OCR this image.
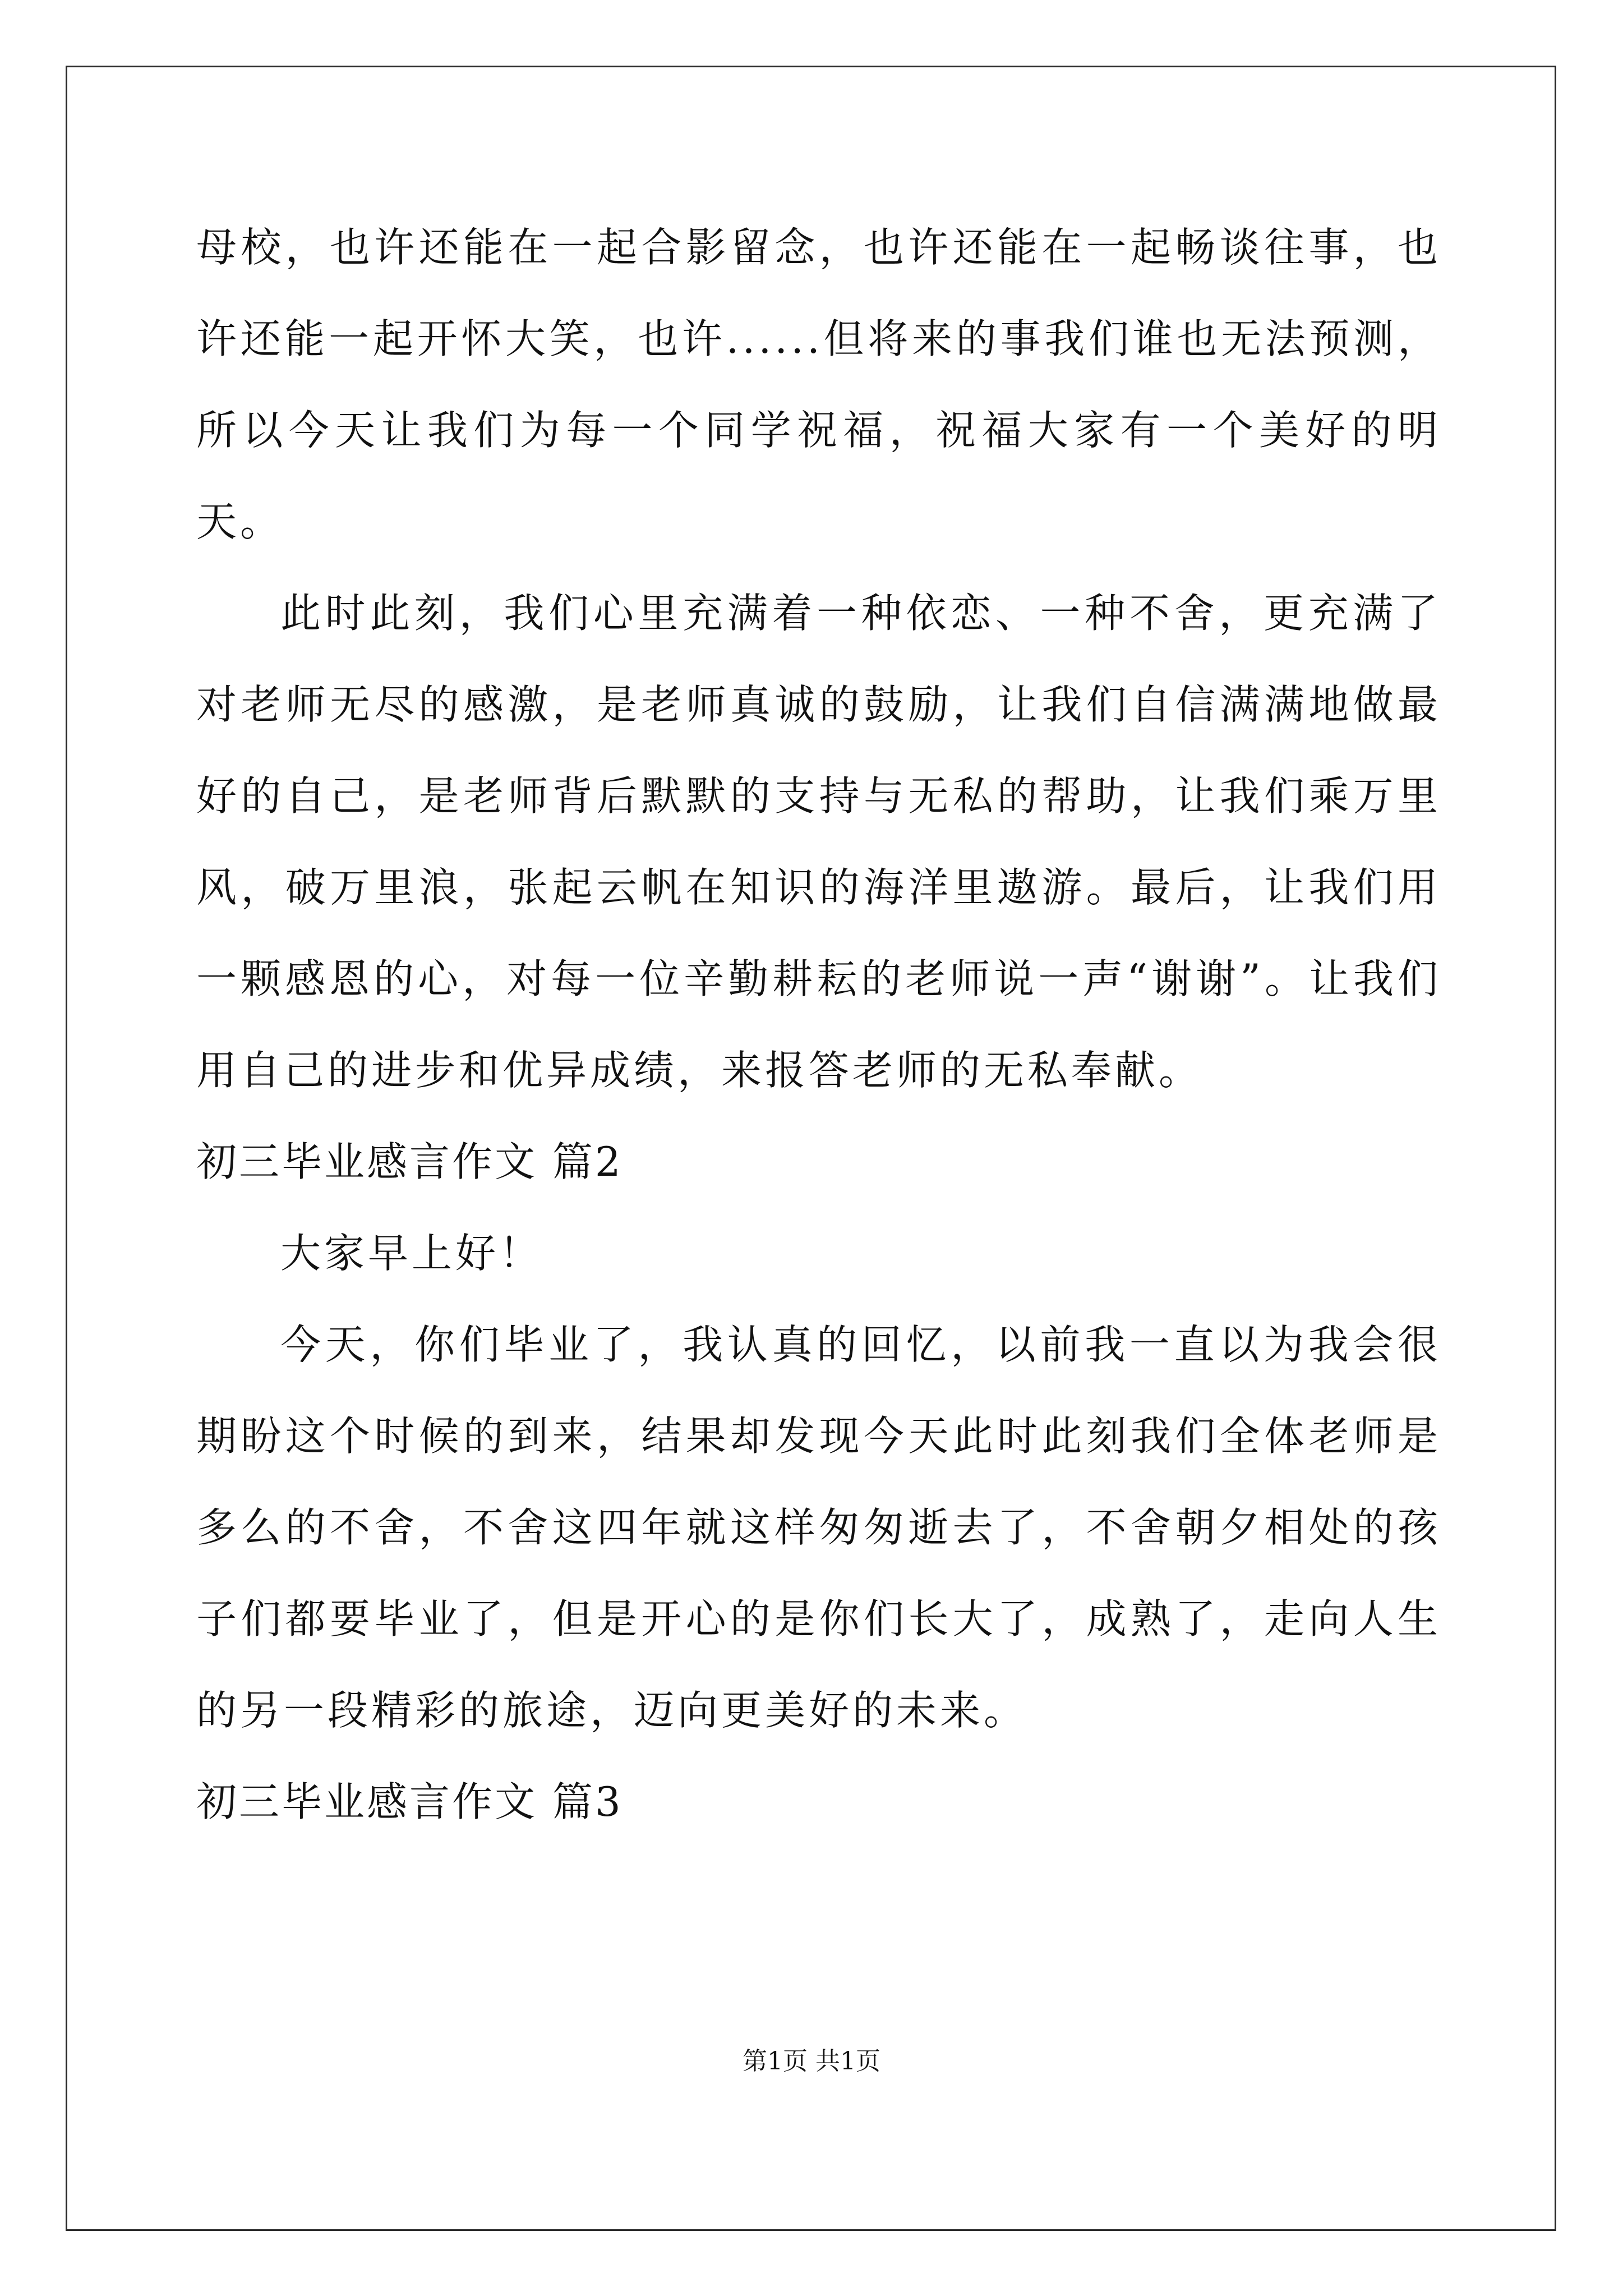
母校，也许还能在一起合影留念，也许还能在一起畅谈往事，也许还能一起开怀大笑，也许......但将来的事我们谁也无法预测，所以今天让我们为每一个同学祝福，祝福大家有一个美好的明天。

此时此刻，我们心里充满着一种依恋、一种不舍，更充满了对老师无尽的感激，是老师真诚的鼓励，让我们自信满满地做最好的自己，是老师背后默默的支持与无私的帮助，让我们乘万里风，破万里浪，张起云帆在知识的海洋里遨游。最后，让我们用一颗感恩的心，对每一位辛勤耕耘的老师说一声“谢谢”。让我们用自己的进步和优异成绩，来报答老师的无私奉献。

初三毕业感言作文 篇2

大家早上好！

今天，你们毕业了，我认真的回忆，以前我一直以为我会很期盼这个时候的到来，结果却发现今天此时此刻我们全体老师是多么的不舍，不舍这四年就这样匆匆逝去了，不舍朝夕相处的孩子们都要毕业了，但是开心的是你们长大了，成熟了，走向人生的另一段精彩的旅途，迈向更美好的未来。

初三毕业感言作文 篇3

第1页 共1页
